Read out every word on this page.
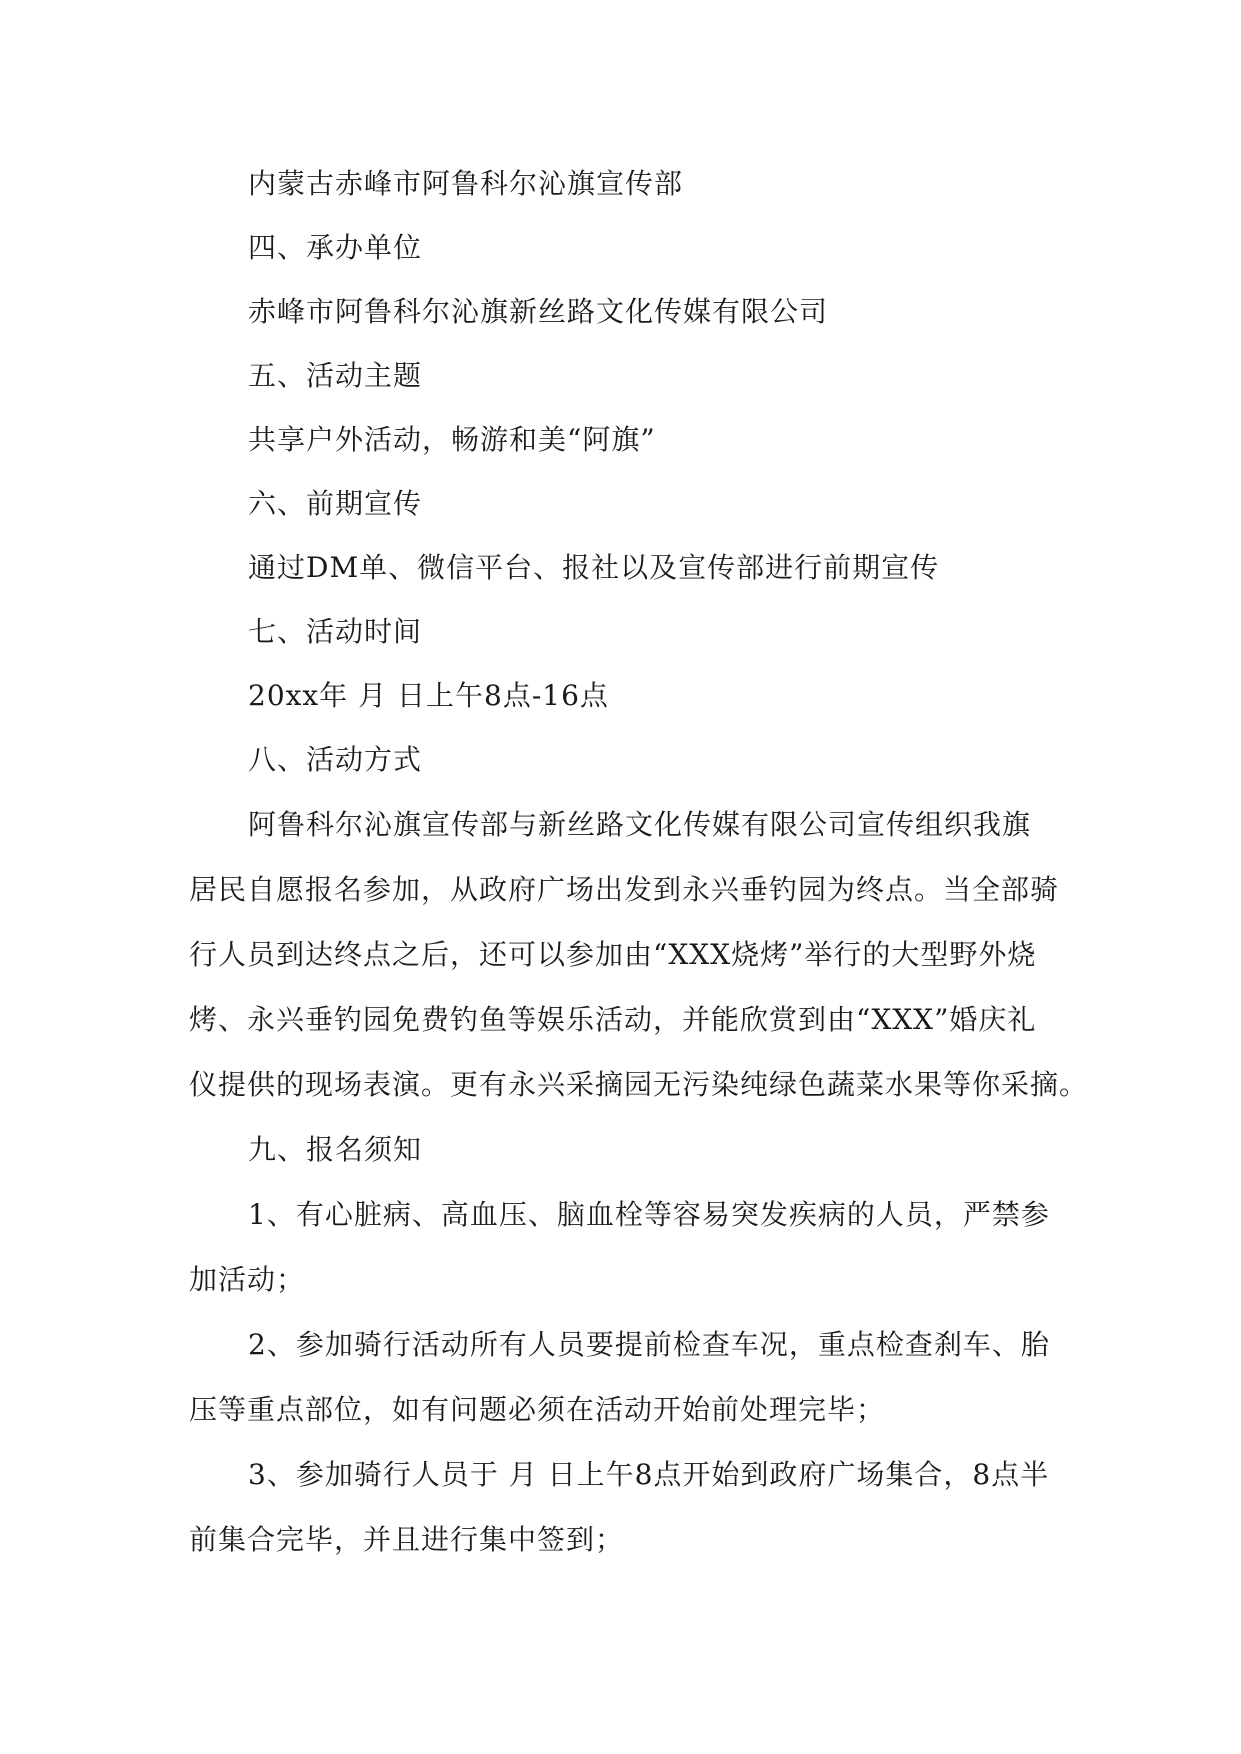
内蒙古赤峰市阿鲁科尔沁旗宣传部

四、承办单位

赤峰市阿鲁科尔沁旗新丝路文化传媒有限公司

五、活动主题

共享户外活动，畅游和美“阿旗”

六、前期宣传

通过DM单、微信平台、报社以及宣传部进行前期宣传

七、活动时间

20xx年 月 日上午8点-16点

八、活动方式

阿鲁科尔沁旗宣传部与新丝路文化传媒有限公司宣传组织我旗

居民自愿报名参加，从政府广场出发到永兴垂钓园为终点。当全部骑

行人员到达终点之后，还可以参加由“XXX烧烤”举行的大型野外烧

烤、永兴垂钓园免费钓鱼等娱乐活动，并能欣赏到由“XXX”婚庆礼

仪提供的现场表演。更有永兴采摘园无污染纯绿色蔬菜水果等你采摘。

九、报名须知

1、有心脏病、高血压、脑血栓等容易突发疾病的人员，严禁参

加活动；

2、参加骑行活动所有人员要提前检查车况，重点检查刹车、胎

压等重点部位，如有问题必须在活动开始前处理完毕；

3、参加骑行人员于 月 日上午8点开始到政府广场集合，8点半

前集合完毕，并且进行集中签到；
